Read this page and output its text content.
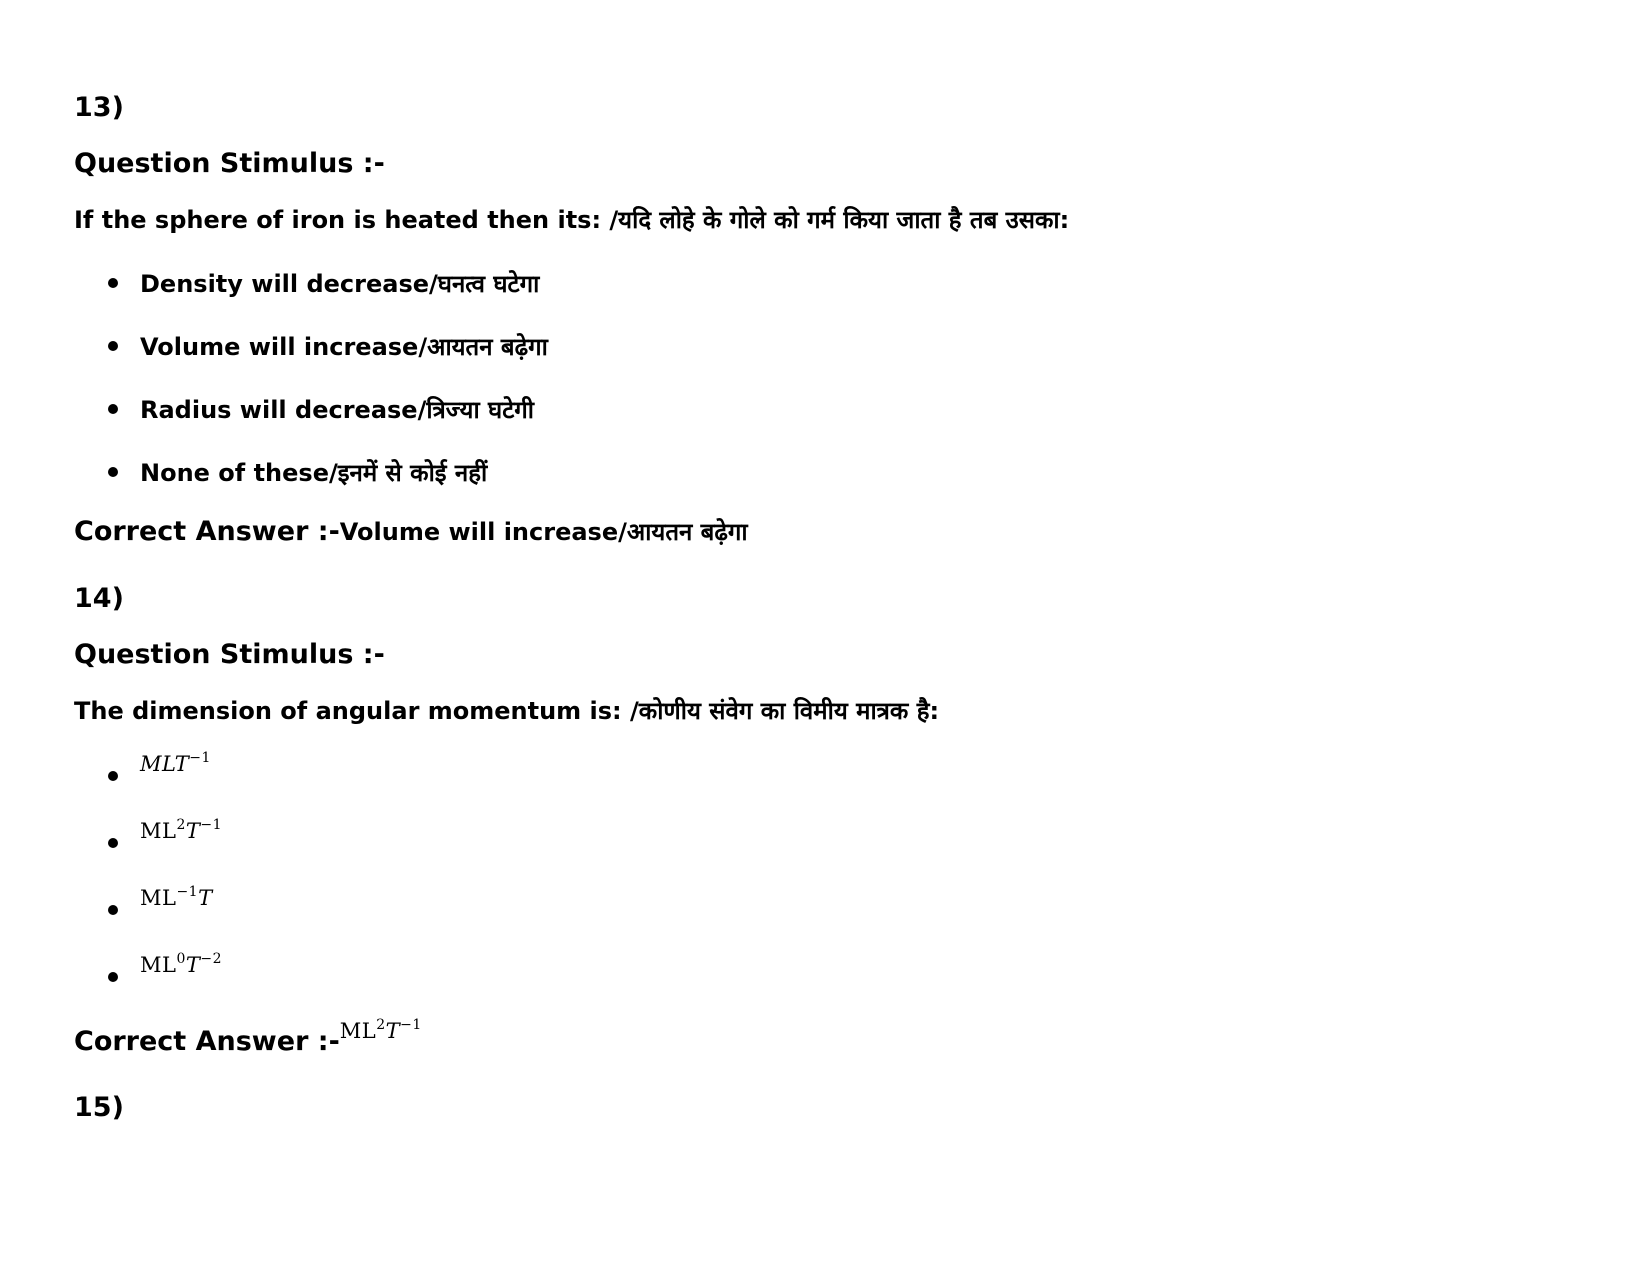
13)
Question Stimulus :-
If the sphere of iron is heated then its: /यदि लोहे के गोले को गर्म किया जाता है तब उसका:
Density will decrease/घनत्व घटेगा
Volume will increase/आयतन बढ़ेगा
Radius will decrease/त्रिज्या घटेगी
None of these/इनमें से कोई नहीं
Correct Answer :-Volume will increase/आयतन बढ़ेगा
14)
Question Stimulus :-
The dimension of angular momentum is: /कोणीय संवेग का विमीय मात्रक है:
$MLT^{-1}$
$ML^2T^{-1}$
$ML^{-1}T$
$ML^0T^{-2}$
Correct Answer :-$^{ML^2T^{-1}}$
15)
